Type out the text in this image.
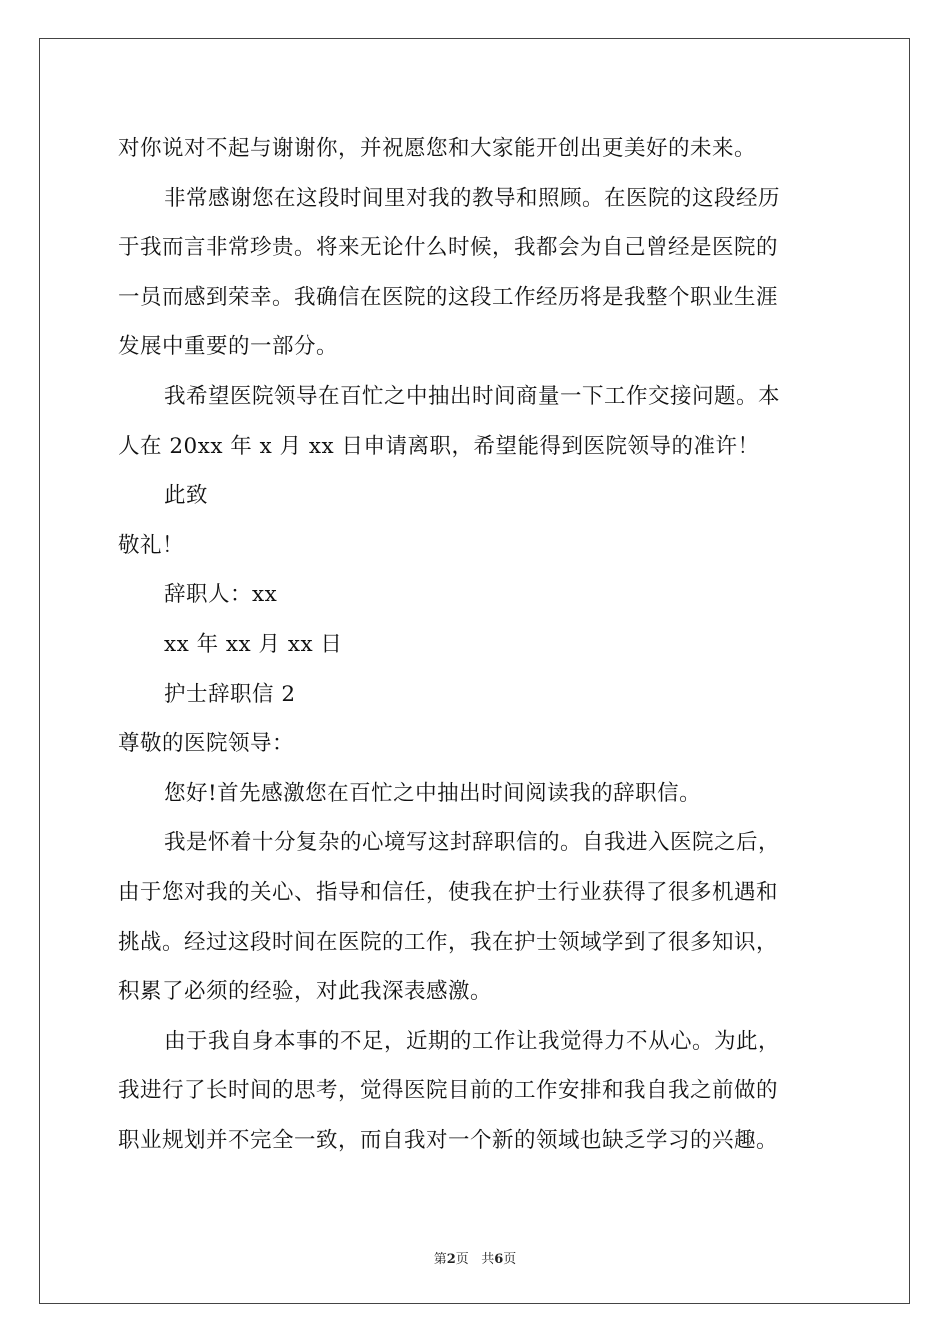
对你说对不起与谢谢你，并祝愿您和大家能开创出更美好的未来。
非常感谢您在这段时间里对我的教导和照顾。在医院的这段经历
于我而言非常珍贵。将来无论什么时候，我都会为自己曾经是医院的
一员而感到荣幸。我确信在医院的这段工作经历将是我整个职业生涯
发展中重要的一部分。
我希望医院领导在百忙之中抽出时间商量一下工作交接问题。本
人在 20xx 年 x 月 xx 日申请离职，希望能得到医院领导的准许！
此致
敬礼！
辞职人：xx
xx 年 xx 月 xx 日
护士辞职信 2
尊敬的医院领导：
您好!首先感激您在百忙之中抽出时间阅读我的辞职信。
我是怀着十分复杂的心境写这封辞职信的。自我进入医院之后，
由于您对我的关心、指导和信任，使我在护士行业获得了很多机遇和
挑战。经过这段时间在医院的工作，我在护士领域学到了很多知识，
积累了必须的经验，对此我深表感激。
由于我自身本事的不足，近期的工作让我觉得力不从心。为此，
我进行了长时间的思考，觉得医院目前的工作安排和我自我之前做的
职业规划并不完全一致，而自我对一个新的领域也缺乏学习的兴趣。
第2页 共6页
